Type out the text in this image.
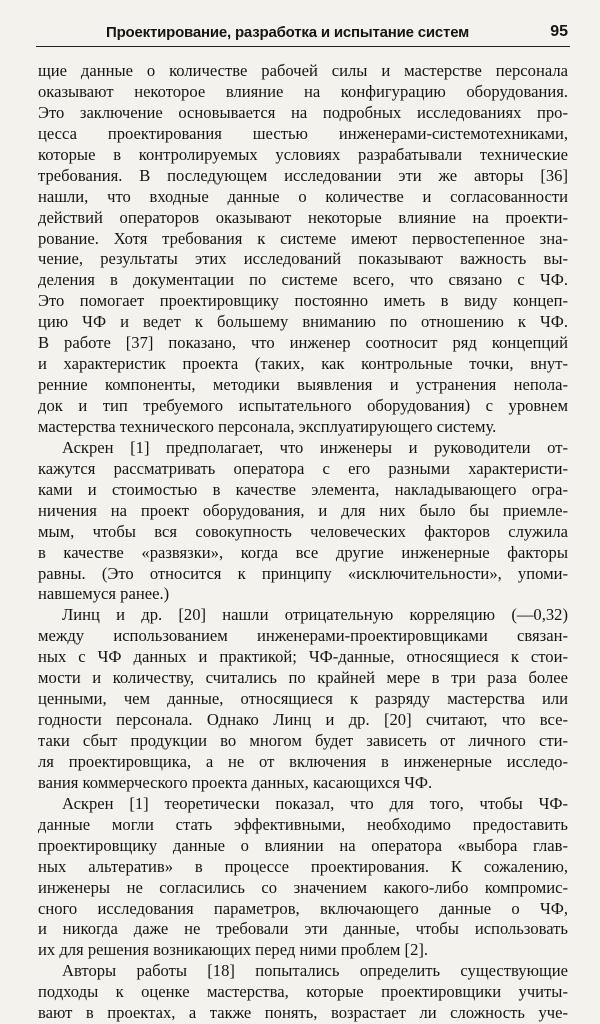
Проектирование, разработка и испытание систем	95
щие данные о количестве рабочей силы и мастерстве персонала
оказывают некоторое влияние на конфигурацию оборудования.
Это заключение основывается на подробных исследованиях про-
цесса проектирования шестью инженерами-системотехниками,
которые в контролируемых условиях разрабатывали технические
требования. В последующем исследовании эти же авторы [36]
нашли, что входные данные о количестве и согласованности
действий операторов оказывают некоторые влияние на проекти-
рование. Хотя требования к системе имеют первостепенное зна-
чение, результаты этих исследований показывают важность вы-
деления в документации по системе всего, что связано с ЧФ.
Это помогает проектировщику постоянно иметь в виду концеп-
цию ЧФ и ведет к большему вниманию по отношению к ЧФ.
В работе [37] показано, что инженер соотносит ряд концепций
и характеристик проекта (таких, как контрольные точки, внут-
ренние компоненты, методики выявления и устранения непола-
док и тип требуемого испытательного оборудования) с уровнем
мастерства технического персонала, эксплуатирующего систему.
Аскрен [1] предполагает, что инженеры и руководители от-
кажутся рассматривать оператора с его разными характеристи-
ками и стоимостью в качестве элемента, накладывающего огра-
ничения на проект оборудования, и для них было бы приемле-
мым, чтобы вся совокупность человеческих факторов служила
в качестве «развязки», когда все другие инженерные факторы
равны. (Это относится к принципу «исключительности», упоми-
навшемуся ранее.)
Линц и др. [20] нашли отрицательную корреляцию (—0,32)
между использованием инженерами-проектировщиками связан-
ных с ЧФ данных и практикой; ЧФ-данные, относящиеся к стои-
мости и количеству, считались по крайней мере в три раза более
ценными, чем данные, относящиеся к разряду мастерства или
годности персонала. Однако Линц и др. [20] считают, что все-
таки сбыт продукции во многом будет зависеть от личного сти-
ля проектировщика, а не от включения в инженерные исследо-
вания коммерческого проекта данных, касающихся ЧФ.
Аскрен [1] теоретически показал, что для того, чтобы ЧФ-
данные могли стать эффективными, необходимо предоставить
проектировщику данные о влиянии на оператора «выбора глав-
ных альтератив» в процессе проектирования. К сожалению,
инженеры не согласились со значением какого-либо компромис-
сного исследования параметров, включающего данные о ЧФ,
и никогда даже не требовали эти данные, чтобы использовать
их для решения возникающих перед ними проблем [2].
Авторы работы [18] попытались определить существующие
подходы к оценке мастерства, которые проектировщики учиты-
вают в проектах, а также понять, возрастает ли сложность уче-
